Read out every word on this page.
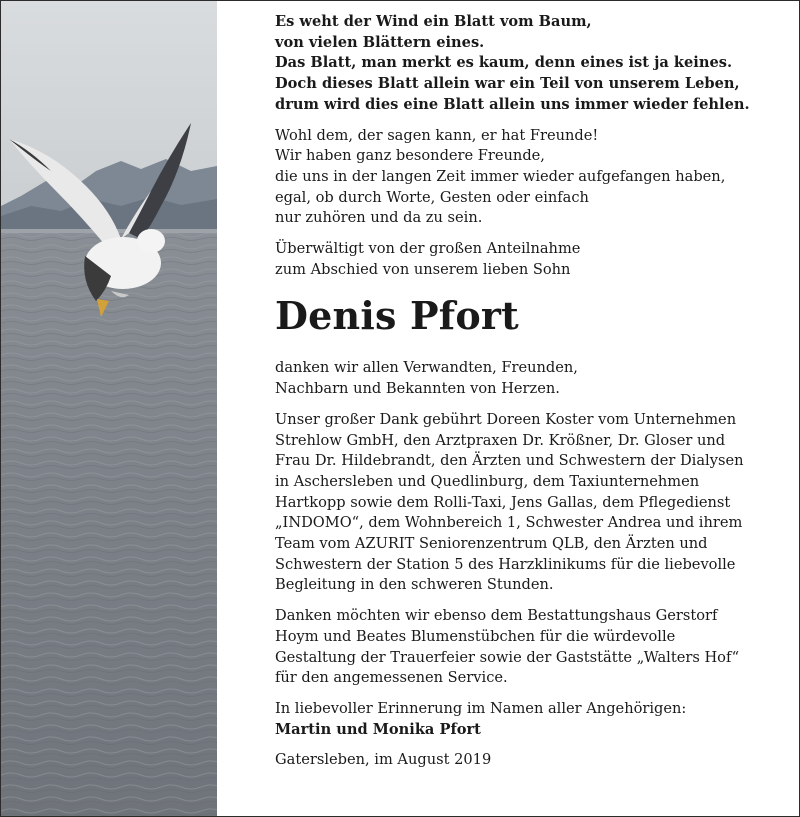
Es weht der Wind ein Blatt vom Baum,
von vielen Blättern eines.
Das Blatt, man merkt es kaum, denn eines ist ja keines.
Doch dieses Blatt allein war ein Teil von unserem Leben,
drum wird dies eine Blatt allein uns immer wieder fehlen.
Wohl dem, der sagen kann, er hat Freunde!
Wir haben ganz besondere Freunde,
die uns in der langen Zeit immer wieder aufgefangen haben,
egal, ob durch Worte, Gesten oder einfach
nur zuhören und da zu sein.
Überwältigt von der großen Anteilnahme
zum Abschied von unserem lieben Sohn
Denis Pfort
danken wir allen Verwandten, Freunden,
Nachbarn und Bekannten von Herzen.
Unser großer Dank gebührt Doreen Koster vom Unternehmen
Strehlow GmbH, den Arztpraxen Dr. Krößner, Dr. Gloser und
Frau Dr. Hildebrandt, den Ärzten und Schwestern der Dialysen
in Aschersleben und Quedlinburg, dem Taxiunternehmen
Hartkopp sowie dem Rolli-Taxi, Jens Gallas, dem Pflegedienst
„INDOMO“, dem Wohnbereich 1, Schwester Andrea und ihrem
Team vom AZURIT Seniorenzentrum QLB, den Ärzten und
Schwestern der Station 5 des Harzklinikums für die liebevolle
Begleitung in den schweren Stunden.
Danken möchten wir ebenso dem Bestattungshaus Gerstorf
Hoym und Beates Blumenstübchen für die würdevolle
Gestaltung der Trauerfeier sowie der Gaststätte „Walters Hof“
für den angemessenen Service.
In liebevoller Erinnerung im Namen aller Angehörigen:
Martin und Monika Pfort
Gatersleben, im August 2019
